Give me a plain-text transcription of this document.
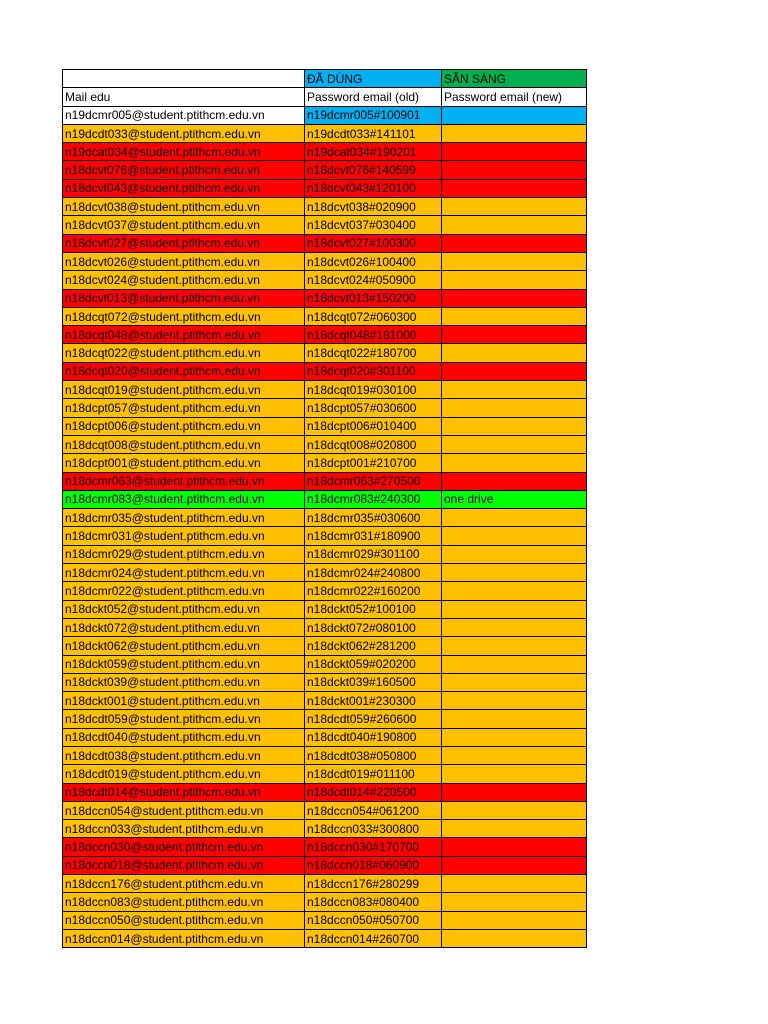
	ĐÃ DÙNG	SẴN SÀNG
Mail edu	Password email (old)	Password email (new)
n19dcmr005@student.ptithcm.edu.vn	n19dcmr005#100901	
n19dcdt033@student.ptithcm.edu.vn	n19dcdt033#141101	
n19dcat034@student.ptithcm.edu.vn	n19dcat034#190201	
n18dcvt076@student.ptithcm.edu.vn	n18dcvt076#140599	
n18dcvt043@student.ptithcm.edu.vn	n18dcvt043#120100	
n18dcvt038@student.ptithcm.edu.vn	n18dcvt038#020900	
n18dcvt037@student.ptithcm.edu.vn	n18dcvt037#030400	
n18dcvt027@student.ptithcm.edu.vn	n18dcvt027#100300	
n18dcvt026@student.ptithcm.edu.vn	n18dcvt026#100400	
n18dcvt024@student.ptithcm.edu.vn	n18dcvt024#050900	
n18dcvt013@student.ptithcm.edu.vn	n18dcvt013#150200	
n18dcqt072@student.ptithcm.edu.vn	n18dcqt072#060300	
n18dcqt048@student.ptithcm.edu.vn	n18dcqt048#181000	
n18dcqt022@student.ptithcm.edu.vn	n18dcqt022#180700	
n18dcqt020@student.ptithcm.edu.vn	n18dcqt020#301100	
n18dcqt019@student.ptithcm.edu.vn	n18dcqt019#030100	
n18dcpt057@student.ptithcm.edu.vn	n18dcpt057#030600	
n18dcpt006@student.ptithcm.edu.vn	n18dcpt006#010400	
n18dcqt008@student.ptithcm.edu.vn	n18dcqt008#020800	
n18dcpt001@student.ptithcm.edu.vn	n18dcpt001#210700	
n18dcmr063@student.ptithcm.edu.vn	n18dcmr063#270500	
n18dcmr083@student.ptithcm.edu.vn	n18dcmr083#240300	one drive
n18dcmr035@student.ptithcm.edu.vn	n18dcmr035#030600	
n18dcmr031@student.ptithcm.edu.vn	n18dcmr031#180900	
n18dcmr029@student.ptithcm.edu.vn	n18dcmr029#301100	
n18dcmr024@student.ptithcm.edu.vn	n18dcmr024#240800	
n18dcmr022@student.ptithcm.edu.vn	n18dcmr022#160200	
n18dckt052@student.ptithcm.edu.vn	n18dckt052#100100	
n18dckt072@student.ptithcm.edu.vn	n18dckt072#080100	
n18dckt062@student.ptithcm.edu.vn	n18dckt062#281200	
n18dckt059@student.ptithcm.edu.vn	n18dckt059#020200	
n18dckt039@student.ptithcm.edu.vn	n18dckt039#160500	
n18dckt001@student.ptithcm.edu.vn	n18dckt001#230300	
n18dcdt059@student.ptithcm.edu.vn	n18dcdt059#260600	
n18dcdt040@student.ptithcm.edu.vn	n18dcdt040#190800	
n18dcdt038@student.ptithcm.edu.vn	n18dcdt038#050800	
n18dcdt019@student.ptithcm.edu.vn	n18dcdt019#011100	
n18dcdt014@student.ptithcm.edu.vn	n18dcdt014#220500	
n18dccn054@student.ptithcm.edu.vn	n18dccn054#061200	
n18dccn033@student.ptithcm.edu.vn	n18dccn033#300800	
n18dccn030@student.ptithcm.edu.vn	n18dccn030#170700	
n18dccn018@student.ptithcm.edu.vn	n18dccn018#060900	
n18dccn176@student.ptithcm.edu.vn	n18dccn176#280299	
n18dccn083@student.ptithcm.edu.vn	n18dccn083#080400	
n18dccn050@student.ptithcm.edu.vn	n18dccn050#050700	
n18dccn014@student.ptithcm.edu.vn	n18dccn014#260700	
